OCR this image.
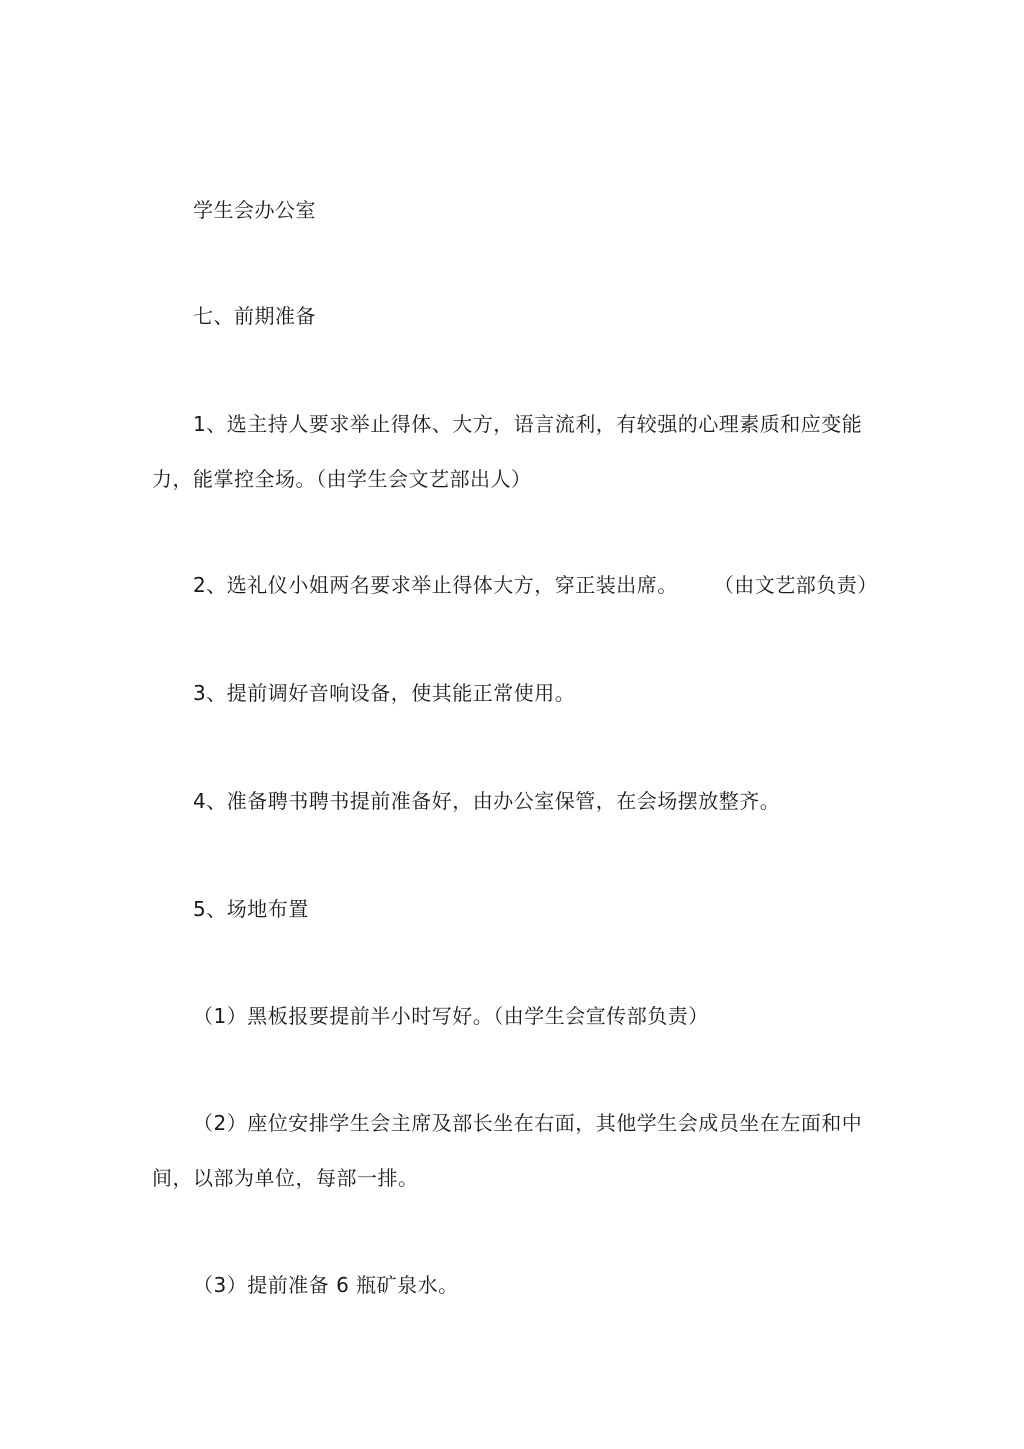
学生会办公室
七、前期准备
1、选主持人要求举止得体、大方，语言流利，有较强的心理素质和应变能
力，能掌控全场。（由学生会文艺部出人）
2、选礼仪小姐两名要求举止得体大方，穿正装出席。 （由文艺部负责）
3、提前调好音响设备，使其能正常使用。
4、准备聘书聘书提前准备好，由办公室保管，在会场摆放整齐。
5、场地布置
（1）黑板报要提前半小时写好。（由学生会宣传部负责）
（2）座位安排学生会主席及部长坐在右面，其他学生会成员坐在左面和中
间，以部为单位，每部一排。
（3）提前准备 6 瓶矿泉水。
